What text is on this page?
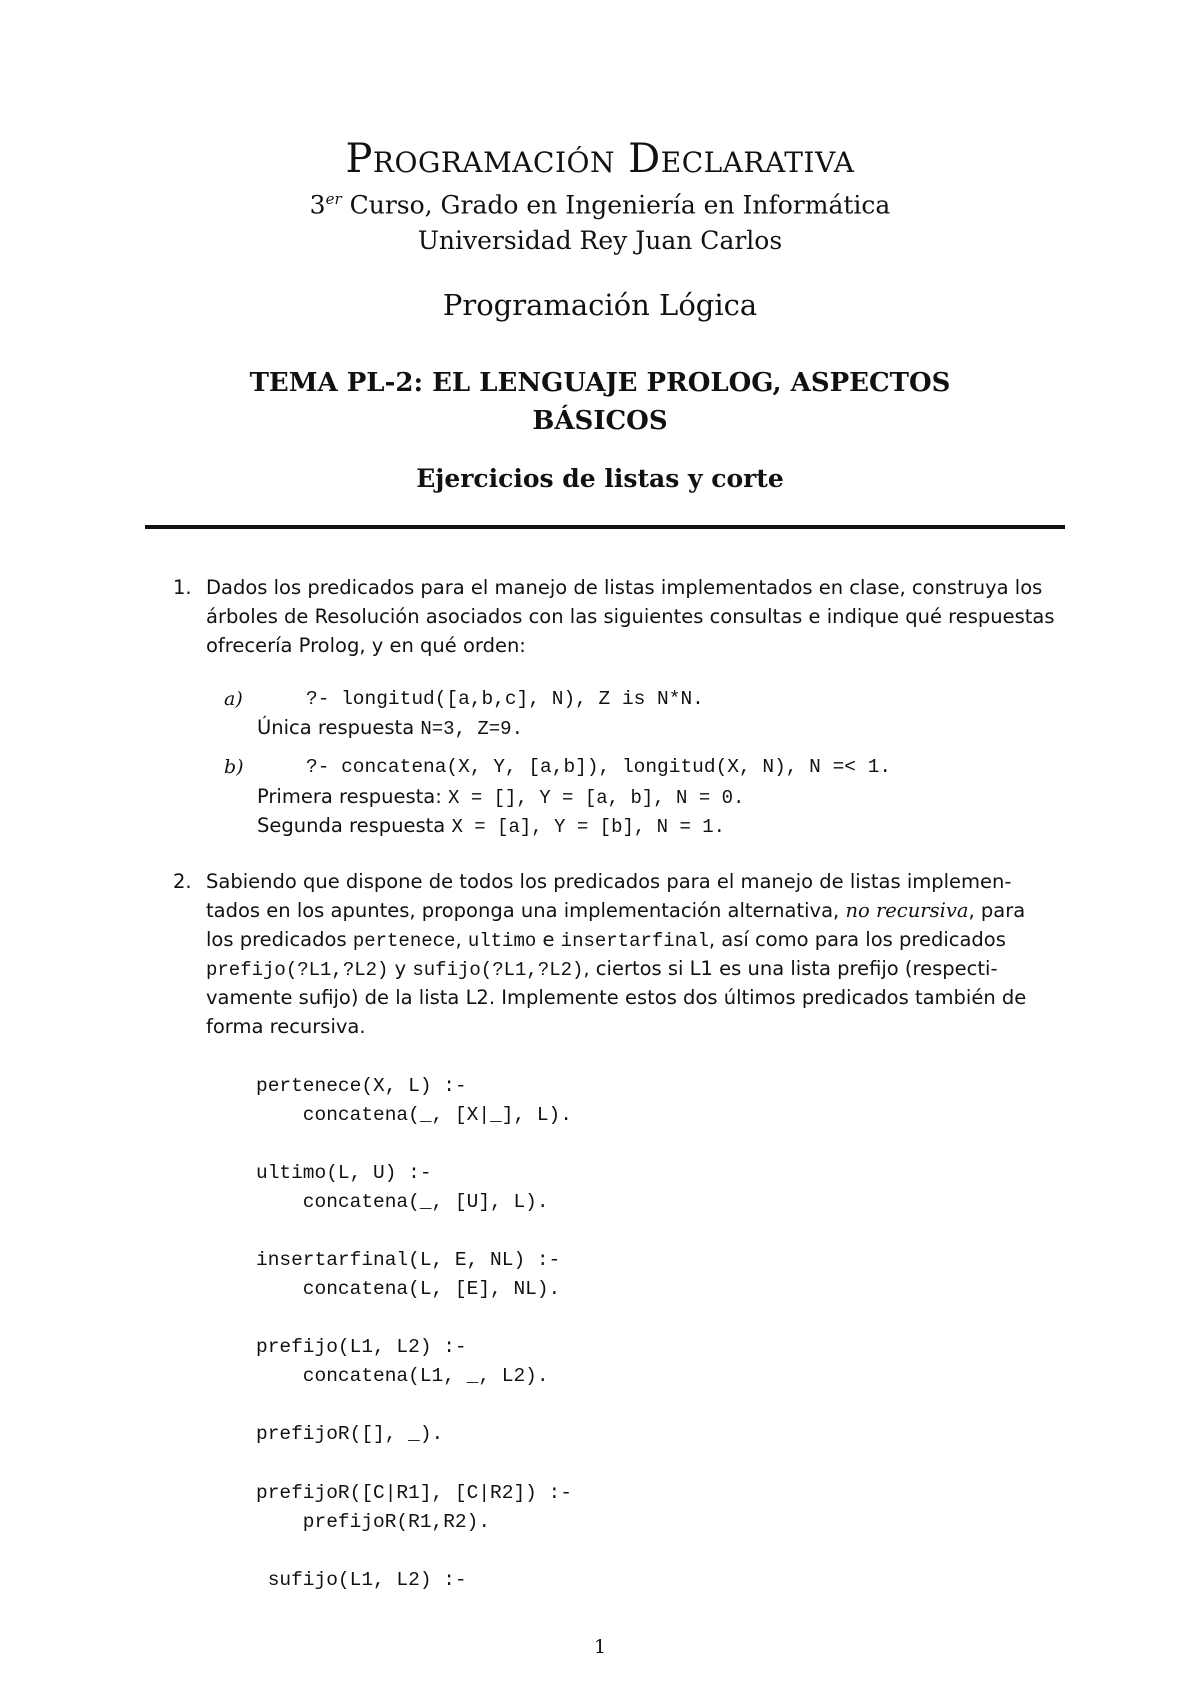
Programación Declarativa
3er Curso, Grado en Ingeniería en Informática
Universidad Rey Juan Carlos
Programación Lógica
TEMA PL-2: EL LENGUAJE PROLOG, ASPECTOS
BÁSICOS
Ejercicios de listas y corte
1. Dados los predicados para el manejo de listas implementados en clase, construya los
árboles de Resolución asociados con las siguientes consultas e indique qué respuestas
ofrecería Prolog, y en qué orden:
a)	?- longitud([a,b,c], N), Z is N*N.
Única respuesta N=3, Z=9.
b)	?- concatena(X, Y, [a,b]), longitud(X, N), N =< 1.
Primera respuesta: X = [], Y = [a, b], N = 0.
Segunda respuesta X = [a], Y = [b], N = 1.
2. Sabiendo que dispone de todos los predicados para el manejo de listas implemen-
tados en los apuntes, proponga una implementación alternativa, no recursiva, para
los predicados pertenece, ultimo e insertarfinal, así como para los predicados
prefijo(?L1,?L2) y sufijo(?L1,?L2), ciertos si L1 es una lista prefijo (respecti-
vamente sufijo) de la lista L2. Implemente estos dos últimos predicados también de
forma recursiva.
pertenece(X, L) :-
concatena(_, [X|_], L).
ultimo(L, U) :-
concatena(_, [U], L).
insertarfinal(L, E, NL) :-
concatena(L, [E], NL).
prefijo(L1, L2) :-
concatena(L1, _, L2).
prefijoR([], _).
prefijoR([C|R1], [C|R2]) :-
prefijoR(R1,R2).
sufijo(L1, L2) :-
1
